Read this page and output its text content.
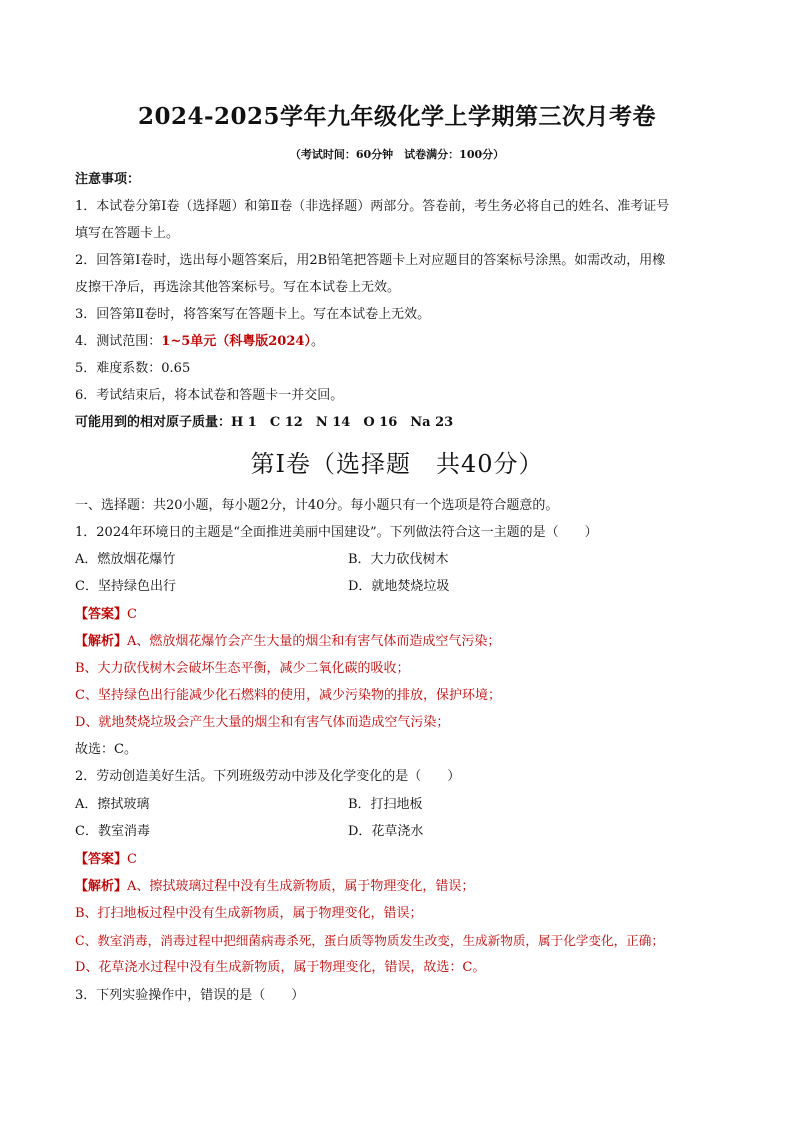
2024-2025学年九年级化学上学期第三次月考卷
（考试时间：60分钟　试卷满分：100分）
注意事项：
1．本试卷分第Ⅰ卷（选择题）和第Ⅱ卷（非选择题）两部分。答卷前，考生务必将自己的姓名、准考证号
填写在答题卡上。
2．回答第Ⅰ卷时，选出每小题答案后，用2B铅笔把答题卡上对应题目的答案标号涂黑。如需改动，用橡
皮擦干净后，再选涂其他答案标号。写在本试卷上无效。
3．回答第Ⅱ卷时，将答案写在答题卡上。写在本试卷上无效。
4．测试范围：1~5单元（科粤版2024）。
5．难度系数：0.65
6．考试结束后，将本试卷和答题卡一并交回。
可能用到的相对原子质量：H 1　C 12　N 14　O 16　Na 23
第Ⅰ卷（选择题　共40分）
一、选择题：共20小题，每小题2分，计40分。每小题只有一个选项是符合题意的。
1．2024年环境日的主题是“全面推进美丽中国建设”。下列做法符合这一主题的是（　　）
A．燃放烟花爆竹	B．大力砍伐树木
C．坚持绿色出行	D．就地焚烧垃圾
【答案】C
【解析】A、燃放烟花爆竹会产生大量的烟尘和有害气体而造成空气污染；
B、大力砍伐树木会破坏生态平衡，减少二氧化碳的吸收；
C、坚持绿色出行能减少化石燃料的使用，减少污染物的排放，保护环境；
D、就地焚烧垃圾会产生大量的烟尘和有害气体而造成空气污染；
故选：C。
2．劳动创造美好生活。下列班级劳动中涉及化学变化的是（　　）
A．擦拭玻璃	B．打扫地板
C．教室消毒	D．花草浇水
【答案】C
【解析】A、擦拭玻璃过程中没有生成新物质，属于物理变化，错误；
B、打扫地板过程中没有生成新物质，属于物理变化，错误；
C、教室消毒，消毒过程中把细菌病毒杀死，蛋白质等物质发生改变，生成新物质，属于化学变化，正确；
D、花草浇水过程中没有生成新物质，属于物理变化，错误，故选：C。
3．下列实验操作中，错误的是（　　）
